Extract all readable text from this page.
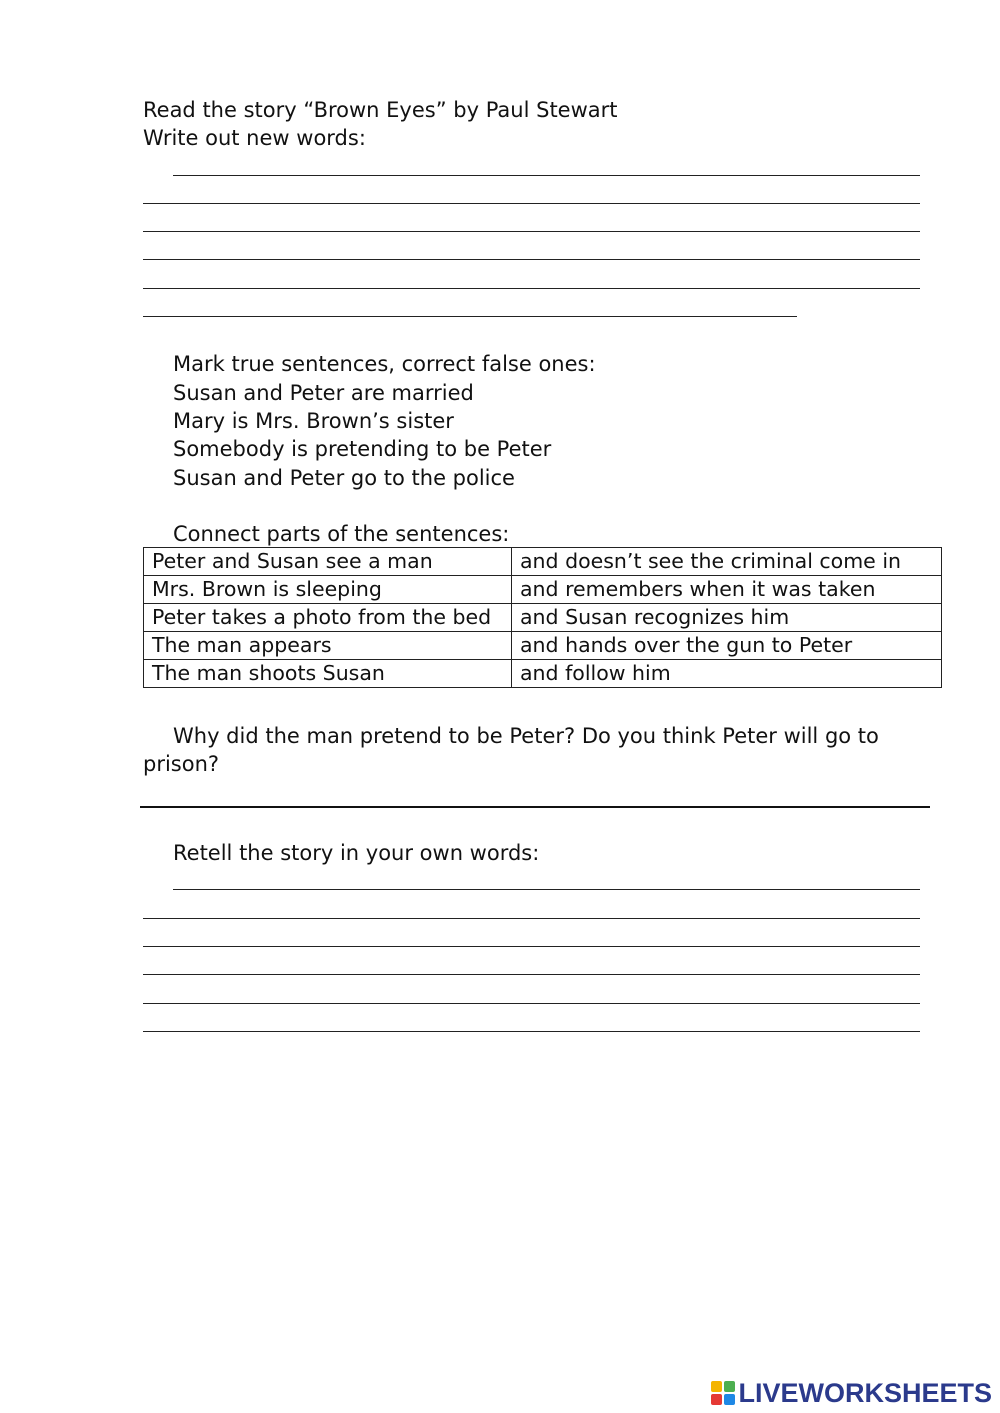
Read the story “Brown Eyes” by Paul Stewart
Write out new words:
Mark true sentences, correct false ones:
Susan and Peter are married
Mary is Mrs. Brown’s sister
Somebody is pretending to be Peter
Susan and Peter go to the police
Connect parts of the sentences:
Peter and Susan see a man	and doesn’t see the criminal come in
Mrs. Brown is sleeping	and remembers when it was taken
Peter takes a photo from the bed	and Susan recognizes him
The man appears	and hands over the gun to Peter
The man shoots Susan	and follow him
Why did the man pretend to be Peter? Do you think Peter will go to
prison?
Retell the story in your own words:
LIVEWORKSHEETS
